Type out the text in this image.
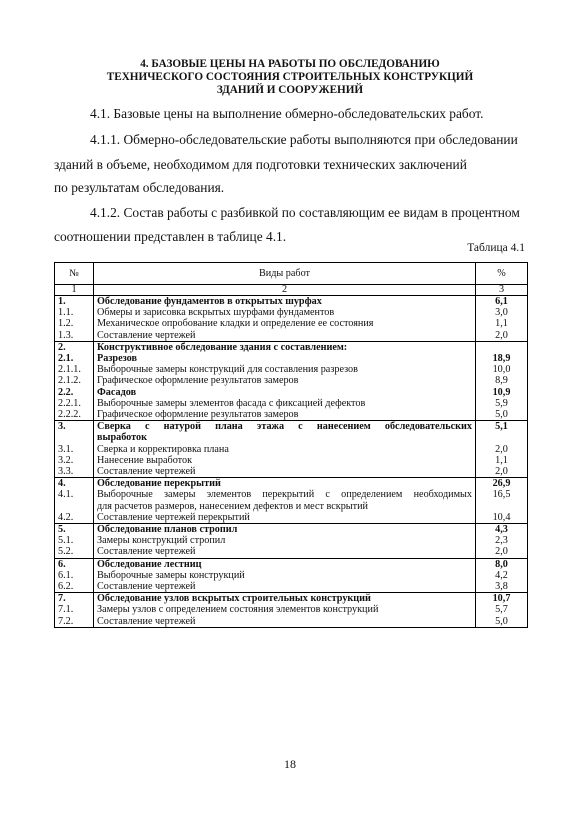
4. БАЗОВЫЕ ЦЕНЫ НА РАБОТЫ ПО ОБСЛЕДОВАНИЮ
ТЕХНИЧЕСКОГО СОСТОЯНИЯ СТРОИТЕЛЬНЫХ КОНСТРУКЦИЙ
ЗДАНИЙ И СООРУЖЕНИЙ
4.1. Базовые цены на выполнение обмерно-обследовательских работ.
4.1.1. Обмерно-обследовательские работы выполняются при обследовании
зданий в объеме, необходимом для подготовки технических заключений
по результатам обследования.
4.1.2. Состав работы с разбивкой по составляющим ее видам в процентном
соотношении представлен в таблице 4.1.
Таблица 4.1
№	Виды работ	%
1	2	3
1.	Обследование фундаментов в открытых шурфах	6,1
1.1.	Обмеры и зарисовка вскрытых шурфами фундаментов	3,0
1.2.	Механическое опробование кладки и определение ее состояния	1,1
1.3.	Составление чертежей	2,0
2.	Конструктивное обследование здания с составлением:	
2.1.	Разрезов	18,9
2.1.1.	Выборочные замеры конструкций для составления разрезов	10,0
2.1.2.	Графическое оформление результатов замеров	8,9
2.2.	Фасадов	10,9
2.2.1.	Выборочные замеры элементов фасада с фиксацией дефектов	5,9
2.2.2.	Графическое оформление результатов замеров	5,0
3.	Сверка с натурой плана этажа с нанесением обследовательских	5,1
	выработок	
3.1.	Сверка и корректировка плана	2,0
3.2.	Нанесение выработок	1,1
3.3.	Составление чертежей	2,0
4.	Обследование перекрытий	26,9
4.1.	Выборочные замеры элементов перекрытий с определением необходимых	16,5
	для расчетов размеров, нанесением дефектов и мест вскрытий	
4.2.	Составление чертежей перекрытий	10,4
5.	Обследование планов стропил	4,3
5.1.	Замеры конструкций стропил	2,3
5.2.	Составление чертежей	2,0
6.	Обследование лестниц	8,0
6.1.	Выборочные замеры конструкций	4,2
6.2.	Составление чертежей	3,8
7.	Обследование узлов вскрытых строительных конструкций	10,7
7.1.	Замеры узлов с определением состояния элементов конструкций	5,7
7.2.	Составление чертежей	5,0
18
